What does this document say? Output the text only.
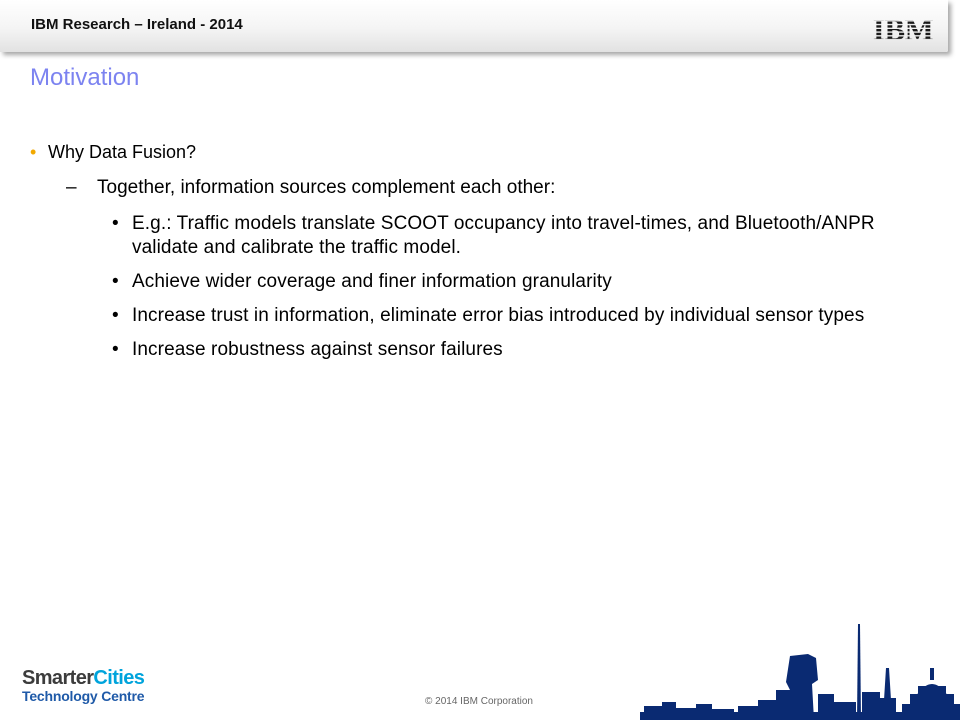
IBM Research – Ireland - 2014
Motivation
• Why Data Fusion?
– Together, information sources complement each other:
• E.g.: Traffic models translate SCOOT occupancy into travel-times, and Bluetooth/ANPR validate and calibrate the traffic model.
• Achieve wider coverage and finer information granularity
• Increase trust in information, eliminate error bias introduced by individual sensor types
• Increase robustness against sensor failures
SmarterCities
Technology Centre	© 2014 IBM Corporation
